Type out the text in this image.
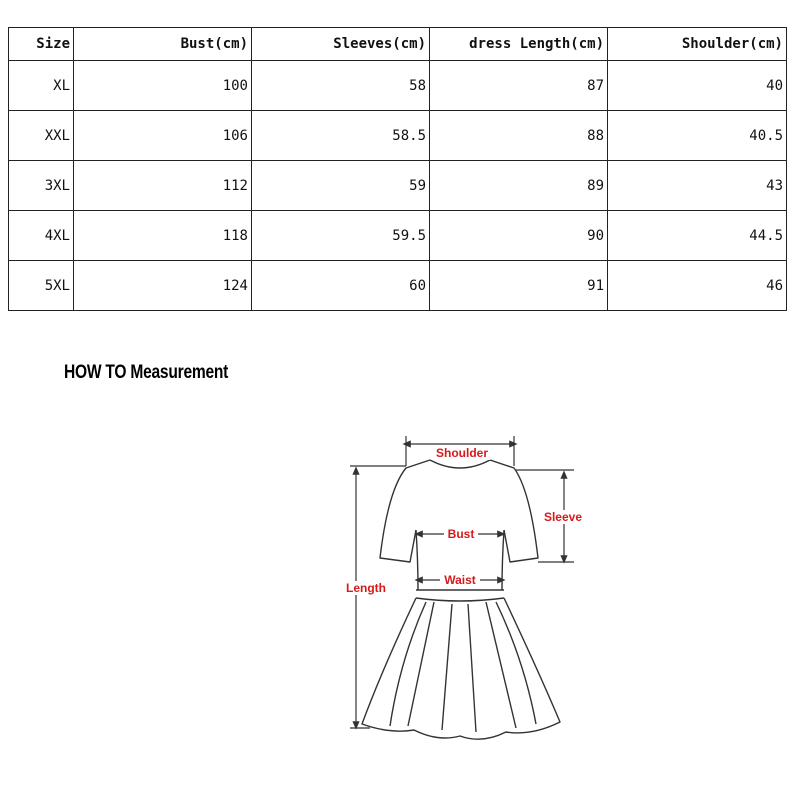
Size	Bust(cm)	Sleeves(cm)	dress Length(cm)	Shoulder(cm)
XL	100	58	87	40
XXL	106	58.5	88	40.5
3XL	112	59	89	43
4XL	118	59.5	90	44.5
5XL	124	60	91	46
HOW TO Measurement
Shoulder
Bust
Waist
Sleeve
Length
